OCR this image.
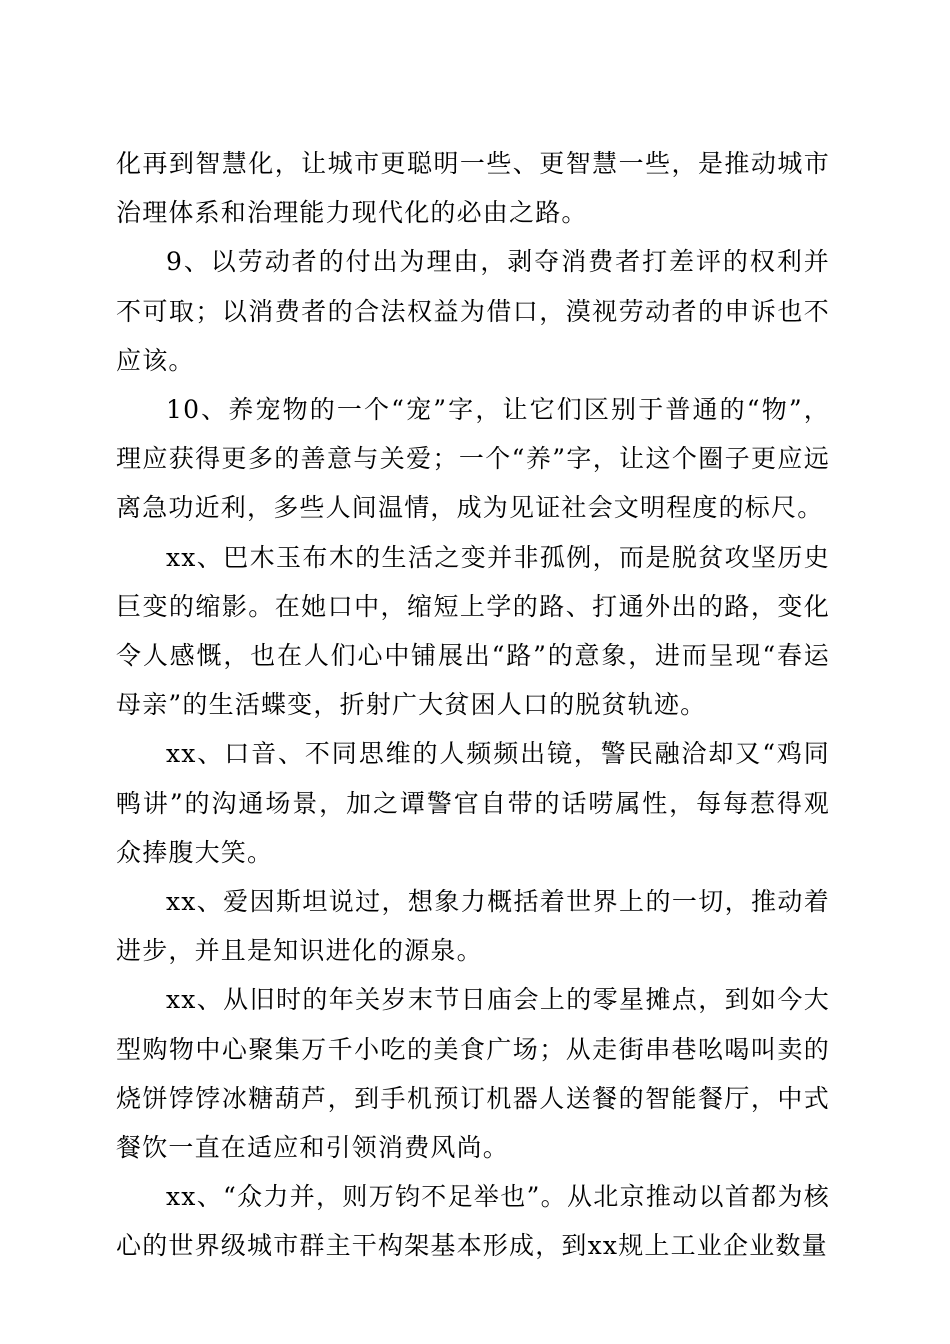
化再到智慧化，让城市更聪明一些、更智慧一些，是推动城市治理体系和治理能力现代化的必由之路。

9、以劳动者的付出为理由，剥夺消费者打差评的权利并不可取；以消费者的合法权益为借口，漠视劳动者的申诉也不应该。

10、养宠物的一个“宠”字，让它们区别于普通的“物”，理应获得更多的善意与关爱；一个“养”字，让这个圈子更应远离急功近利，多些人间温情，成为见证社会文明程度的标尺。

xx、巴木玉布木的生活之变并非孤例，而是脱贫攻坚历史巨变的缩影。在她口中，缩短上学的路、打通外出的路，变化令人感慨，也在人们心中铺展出“路”的意象，进而呈现“春运母亲”的生活蝶变，折射广大贫困人口的脱贫轨迹。

xx、口音、不同思维的人频频出镜，警民融洽却又“鸡同鸭讲”的沟通场景，加之谭警官自带的话唠属性，每每惹得观众捧腹大笑。

xx、爱因斯坦说过，想象力概括着世界上的一切，推动着进步，并且是知识进化的源泉。

xx、从旧时的年关岁末节日庙会上的零星摊点，到如今大型购物中心聚集万千小吃的美食广场；从走街串巷吆喝叫卖的烧饼饽饽冰糖葫芦，到手机预订机器人送餐的智能餐厅，中式餐饮一直在适应和引领消费风尚。

xx、“众力并，则万钧不足举也”。从北京推动以首都为核心的世界级城市群主干构架基本形成，到xx规上工业企业数量
